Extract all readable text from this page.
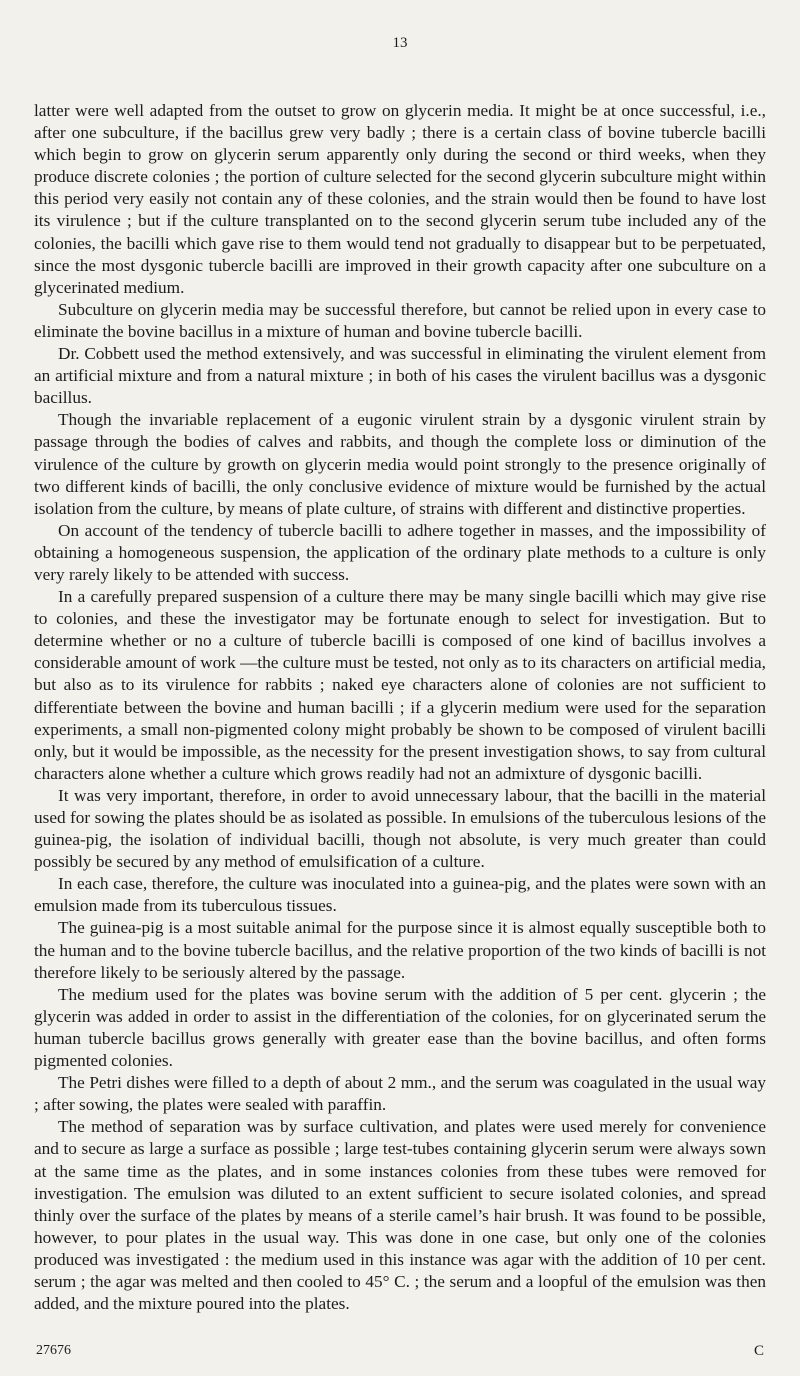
13

latter were well adapted from the outset to grow on glycerin media. It might be at once successful, i.e., after one subculture, if the bacillus grew very badly ; there is a certain class of bovine tubercle bacilli which begin to grow on glycerin serum apparently only during the second or third weeks, when they produce discrete colonies ; the portion of culture selected for the second glycerin subculture might within this period very easily not contain any of these colonies, and the strain would then be found to have lost its virulence ; but if the culture transplanted on to the second glycerin serum tube included any of the colonies, the bacilli which gave rise to them would tend not gradually to disappear but to be perpetuated, since the most dysgonic tubercle bacilli are improved in their growth capacity after one subculture on a glycerinated medium.

Subculture on glycerin media may be successful therefore, but cannot be relied upon in every case to eliminate the bovine bacillus in a mixture of human and bovine tubercle bacilli.

Dr. Cobbett used the method extensively, and was successful in eliminating the virulent element from an artificial mixture and from a natural mixture ; in both of his cases the virulent bacillus was a dysgonic bacillus.

Though the invariable replacement of a eugonic virulent strain by a dysgonic virulent strain by passage through the bodies of calves and rabbits, and though the complete loss or diminution of the virulence of the culture by growth on glycerin media would point strongly to the presence originally of two different kinds of bacilli, the only conclusive evidence of mixture would be furnished by the actual isolation from the culture, by means of plate culture, of strains with different and distinctive properties.

On account of the tendency of tubercle bacilli to adhere together in masses, and the impossibility of obtaining a homogeneous suspension, the application of the ordinary plate methods to a culture is only very rarely likely to be attended with success.

In a carefully prepared suspension of a culture there may be many single bacilli which may give rise to colonies, and these the investigator may be fortunate enough to select for investigation. But to determine whether or no a culture of tubercle bacilli is composed of one kind of bacillus involves a considerable amount of work —the culture must be tested, not only as to its characters on artificial media, but also as to its virulence for rabbits ; naked eye characters alone of colonies are not sufficient to differentiate between the bovine and human bacilli ; if a glycerin medium were used for the separation experiments, a small non-pigmented colony might probably be shown to be composed of virulent bacilli only, but it would be impossible, as the necessity for the present investigation shows, to say from cultural characters alone whether a culture which grows readily had not an admixture of dysgonic bacilli.

It was very important, therefore, in order to avoid unnecessary labour, that the bacilli in the material used for sowing the plates should be as isolated as possible. In emulsions of the tuberculous lesions of the guinea-pig, the isolation of individual bacilli, though not absolute, is very much greater than could possibly be secured by any method of emulsification of a culture.

In each case, therefore, the culture was inoculated into a guinea-pig, and the plates were sown with an emulsion made from its tuberculous tissues.

The guinea-pig is a most suitable animal for the purpose since it is almost equally susceptible both to the human and to the bovine tubercle bacillus, and the relative proportion of the two kinds of bacilli is not therefore likely to be seriously altered by the passage.

The medium used for the plates was bovine serum with the addition of 5 per cent. glycerin ; the glycerin was added in order to assist in the differentiation of the colonies, for on glycerinated serum the human tubercle bacillus grows generally with greater ease than the bovine bacillus, and often forms pigmented colonies.

The Petri dishes were filled to a depth of about 2 mm., and the serum was coagulated in the usual way ; after sowing, the plates were sealed with paraffin.

The method of separation was by surface cultivation, and plates were used merely for convenience and to secure as large a surface as possible ; large test-tubes containing glycerin serum were always sown at the same time as the plates, and in some instances colonies from these tubes were removed for investigation. The emulsion was diluted to an extent sufficient to secure isolated colonies, and spread thinly over the surface of the plates by means of a sterile camel’s hair brush. It was found to be possible, however, to pour plates in the usual way. This was done in one case, but only one of the colonies produced was investigated : the medium used in this instance was agar with the addition of 10 per cent. serum ; the agar was melted and then cooled to 45° C. ; the serum and a loopful of the emulsion was then added, and the mixture poured into the plates.

27676	C
